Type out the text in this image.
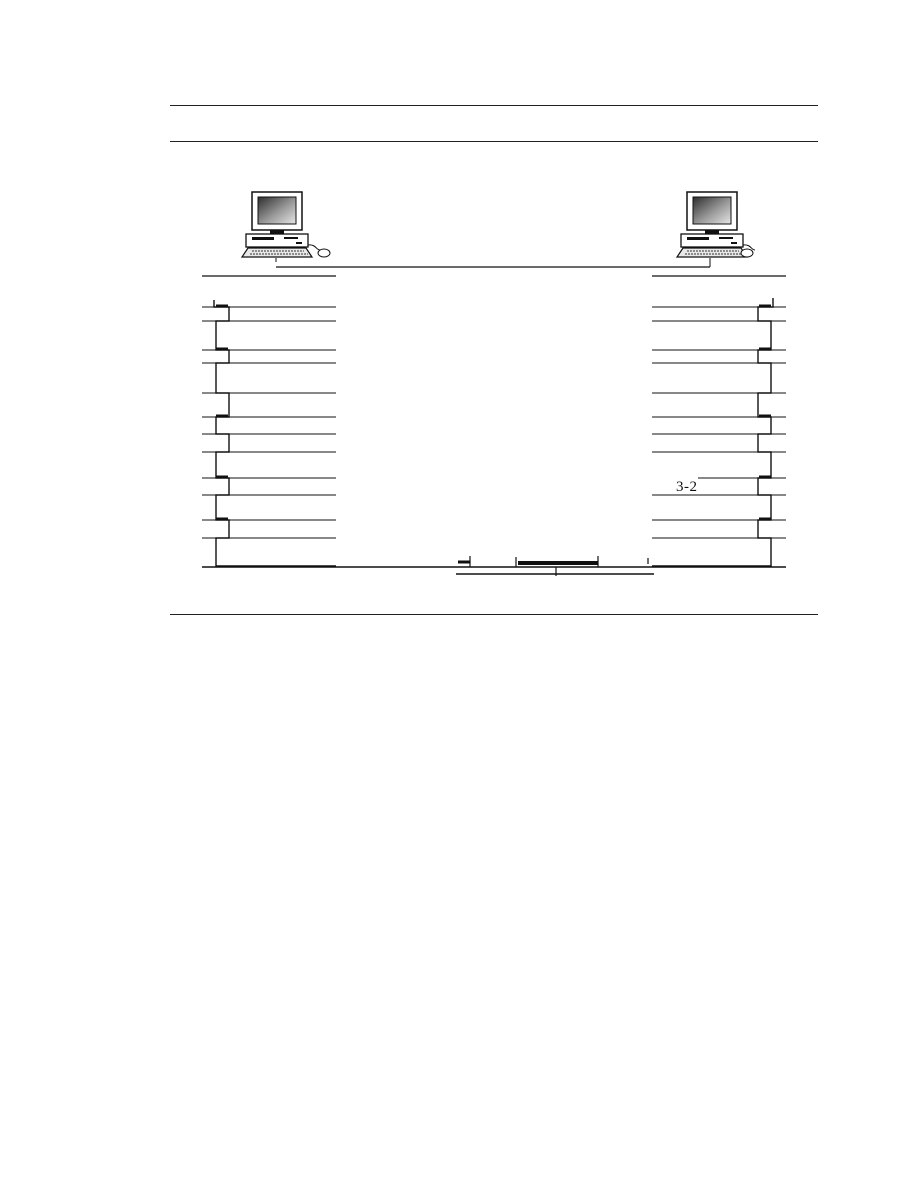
3-2
